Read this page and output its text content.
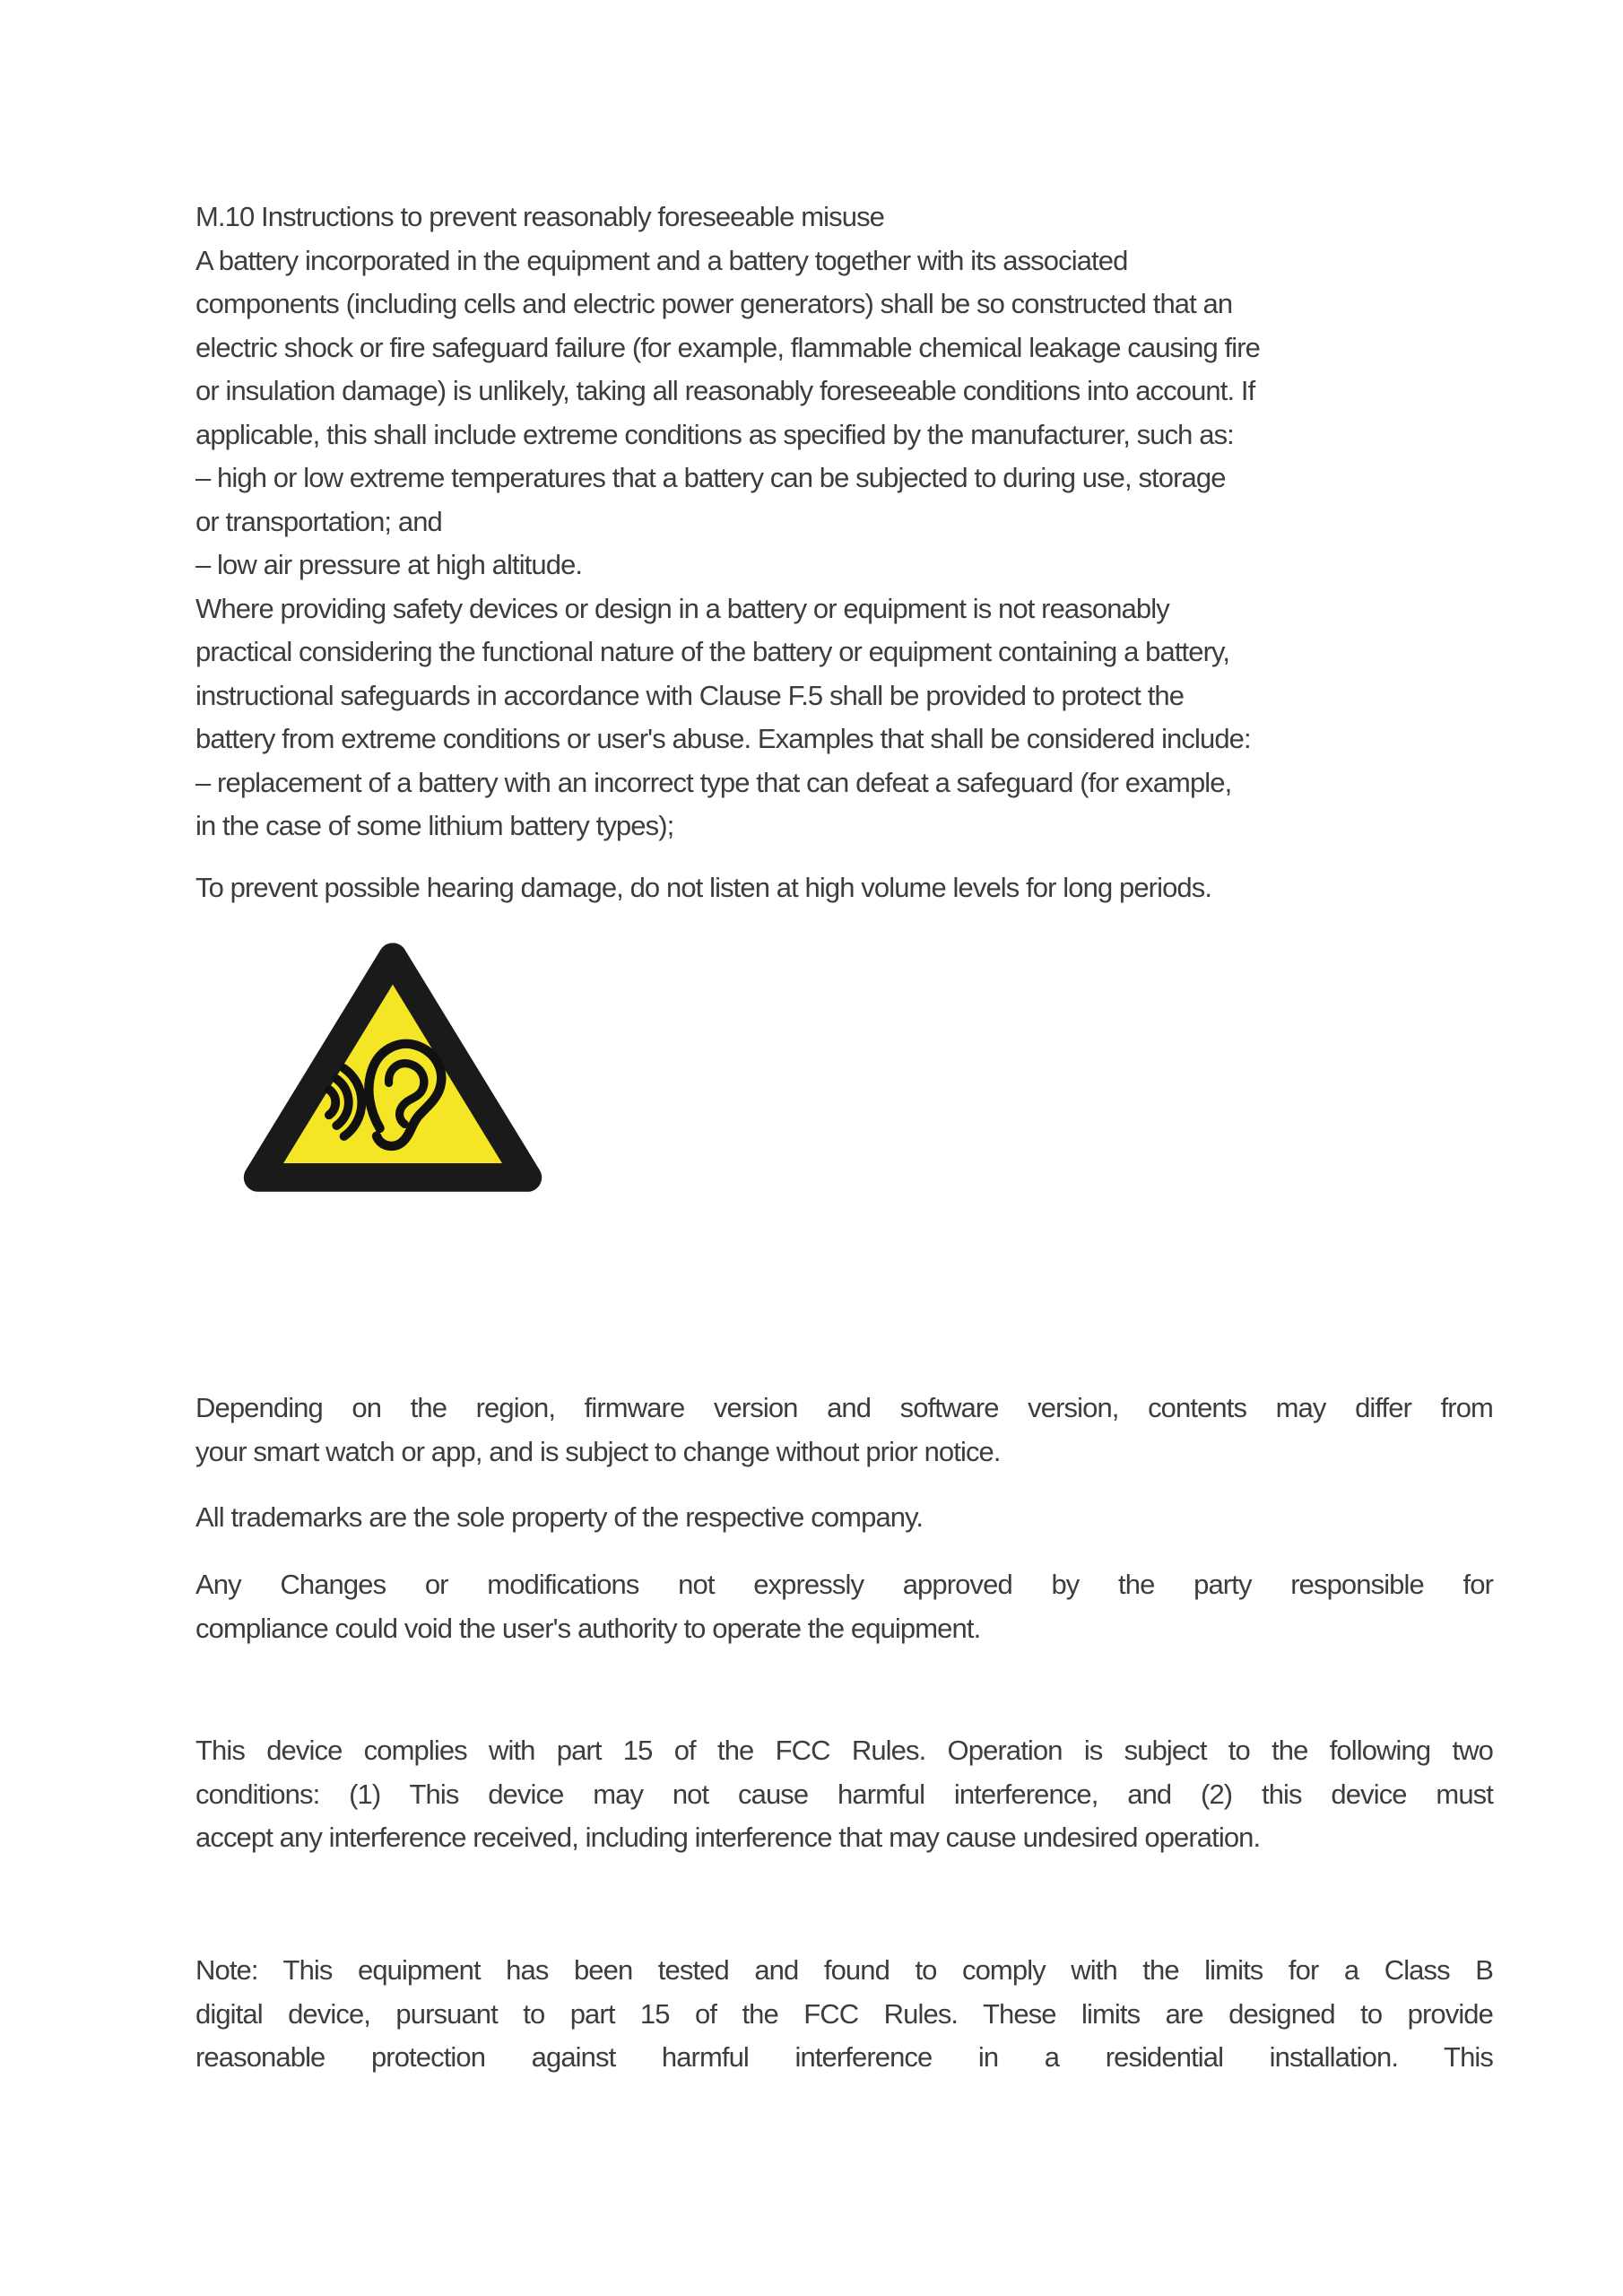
M.10 Instructions to prevent reasonably foreseeable misuse
A battery incorporated in the equipment and a battery together with its associated
components (including cells and electric power generators) shall be so constructed that an
electric shock or fire safeguard failure (for example, flammable chemical leakage causing fire
or insulation damage) is unlikely, taking all reasonably foreseeable conditions into account. If
applicable, this shall include extreme conditions as specified by the manufacturer, such as:
– high or low extreme temperatures that a battery can be subjected to during use, storage
or transportation; and
– low air pressure at high altitude.
Where providing safety devices or design in a battery or equipment is not reasonably
practical considering the functional nature of the battery or equipment containing a battery,
instructional safeguards in accordance with Clause F.5 shall be provided to protect the
battery from extreme conditions or user's abuse. Examples that shall be considered include:
– replacement of a battery with an incorrect type that can defeat a safeguard (for example,
in the case of some lithium battery types);
To prevent possible hearing damage, do not listen at high volume levels for long periods.
Depending on the region, firmware version and software version, contents may differ from
your smart watch or app, and is subject to change without prior notice.
All trademarks are the sole property of the respective company.
Any Changes or modifications not expressly approved by the party responsible for
compliance could void the user's authority to operate the equipment.
This device complies with part 15 of the FCC Rules. Operation is subject to the following two
conditions: (1) This device may not cause harmful interference, and (2) this device must
accept any interference received, including interference that may cause undesired operation.
Note: This equipment has been tested and found to comply with the limits for a Class B
digital device, pursuant to part 15 of the FCC Rules. These limits are designed to provide
reasonable protection against harmful interference in a residential installation. This
